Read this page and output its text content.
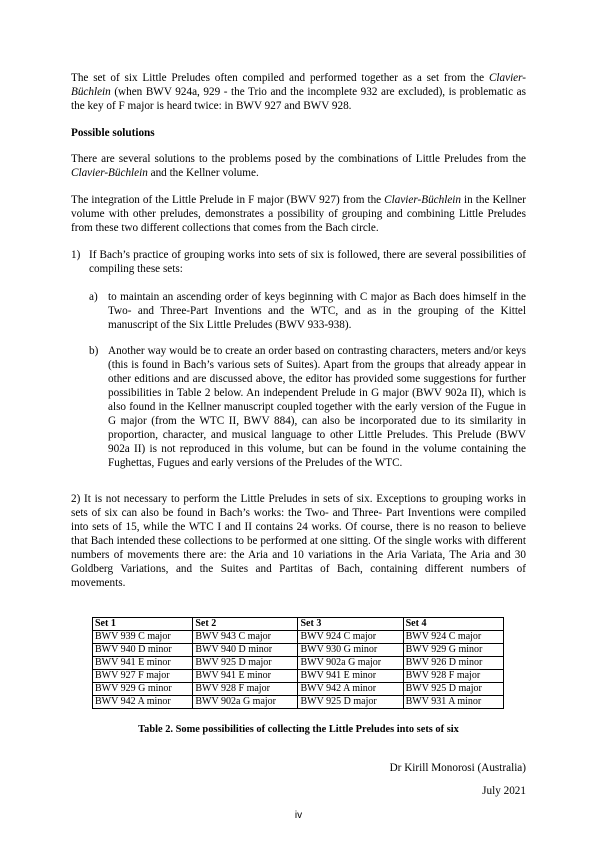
The set of six Little Preludes often compiled and performed together as a set from the Clavier-Büchlein (when BWV 924a, 929 - the Trio and the incomplete 932 are excluded), is problematic as the key of F major is heard twice: in BWV 927 and BWV 928.

Possible solutions

There are several solutions to the problems posed by the combinations of Little Preludes from the Clavier-Büchlein and the Kellner volume.

The integration of the Little Prelude in F major (BWV 927) from the Clavier-Büchlein in the Kellner volume with other preludes, demonstrates a possibility of grouping and combining Little Preludes from these two different collections that comes from the Bach circle.

1) If Bach’s practice of grouping works into sets of six is followed, there are several possibilities of compiling these sets:

a) to maintain an ascending order of keys beginning with C major as Bach does himself in the Two- and Three-Part Inventions and the WTC, and as in the grouping of the Kittel manuscript of the Six Little Preludes (BWV 933-938).

b) Another way would be to create an order based on contrasting characters, meters and/or keys (this is found in Bach’s various sets of Suites). Apart from the groups that already appear in other editions and are discussed above, the editor has provided some suggestions for further possibilities in Table 2 below. An independent Prelude in G major (BWV 902a II), which is also found in the Kellner manuscript coupled together with the early version of the Fugue in G major (from the WTC II, BWV 884), can also be incorporated due to its similarity in proportion, character, and musical language to other Little Preludes. This Prelude (BWV 902a II) is not reproduced in this volume, but can be found in the volume containing the Fughettas, Fugues and early versions of the Preludes of the WTC.

2) It is not necessary to perform the Little Preludes in sets of six. Exceptions to grouping works in sets of six can also be found in Bach’s works: the Two- and Three- Part Inventions were compiled into sets of 15, while the WTC I and II contains 24 works. Of course, there is no reason to believe that Bach intended these collections to be performed at one sitting. Of the single works with different numbers of movements there are: the Aria and 10 variations in the Aria Variata, The Aria and 30 Goldberg Variations, and the Suites and Partitas of Bach, containing different numbers of movements.

Set 1	Set 2	Set 3	Set 4
BWV 939 C major	BWV 943 C major	BWV 924 C major	BWV 924 C major
BWV 940 D minor	BWV 940 D minor	BWV 930 G minor	BWV 929 G minor
BWV 941 E minor	BWV 925 D major	BWV 902a G major	BWV 926 D minor
BWV 927 F major	BWV 941 E minor	BWV 941 E minor	BWV 928 F major
BWV 929 G minor	BWV 928 F major	BWV 942 A minor	BWV 925 D major
BWV 942 A minor	BWV 902a G major	BWV 925 D major	BWV 931 A minor

Table 2. Some possibilities of collecting the Little Preludes into sets of six

Dr Kirill Monorosi (Australia)

July 2021

iv
